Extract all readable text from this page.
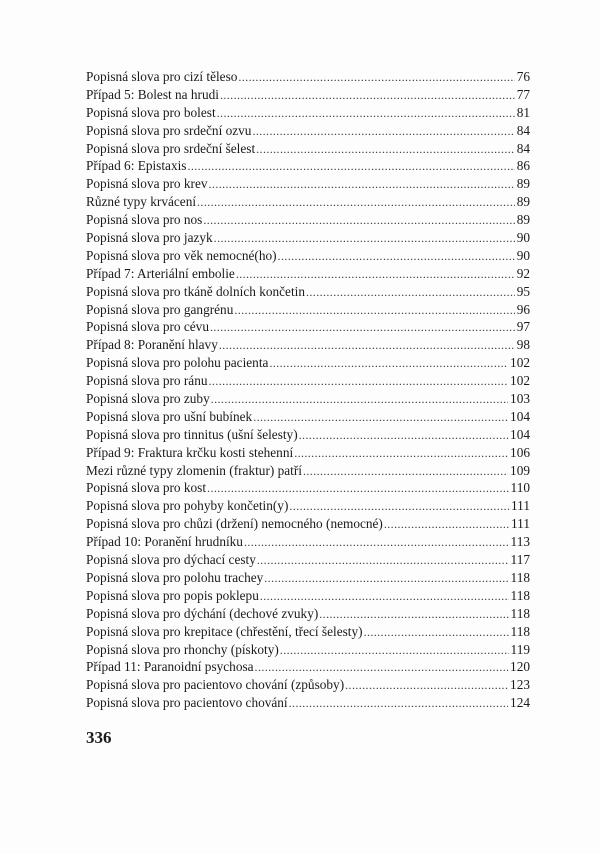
Popisná slova pro cizí těleso .....	76
Případ 5: Bolest na hrudi .....	77
Popisná slova pro bolest .....	81
Popisná slova pro srdeční ozvu .....	84
Popisná slova pro srdeční šelest .....	84
Případ 6: Epistaxis .....	86
Popisná slova pro krev .....	89
Různé typy krvácení .....	89
Popisná slova pro nos .....	89
Popisná slova pro jazyk .....	90
Popisná slova pro věk nemocné(ho) .....	90
Případ 7: Arteriální embolie .....	92
Popisná slova pro tkáně dolních končetin .....	95
Popisná slova pro gangrénu .....	96
Popisná slova pro cévu .....	97
Případ 8: Poranění hlavy .....	98
Popisná slova pro polohu pacienta .....	102
Popisná slova pro ránu .....	102
Popisná slova pro zuby .....	103
Popisná slova pro ušní bubínek .....	104
Popisná slova pro tinnitus (ušní šelesty) .....	104
Případ 9: Fraktura krčku kosti stehenní .....	106
Mezi různé typy zlomenin (fraktur) patří .....	109
Popisná slova pro kost .....	110
Popisná slova pro pohyby končetin(y) .....	111
Popisná slova pro chůzi (držení) nemocného (nemocné) .....	111
Případ 10: Poranění hrudníku .....	113
Popisná slova pro dýchací cesty .....	117
Popisná slova pro polohu trachey .....	118
Popisná slova pro popis poklepu .....	118
Popisná slova pro dýchání (dechové zvuky) .....	118
Popisná slova pro krepitace (chřestění, třecí šelesty) .....	118
Popisná slova pro rhonchy (pískoty) .....	119
Případ 11: Paranoidní psychosa .....	120
Popisná slova pro pacientovo chování (způsoby) .....	123
Popisná slova pro pacientovo chování .....	124
336
